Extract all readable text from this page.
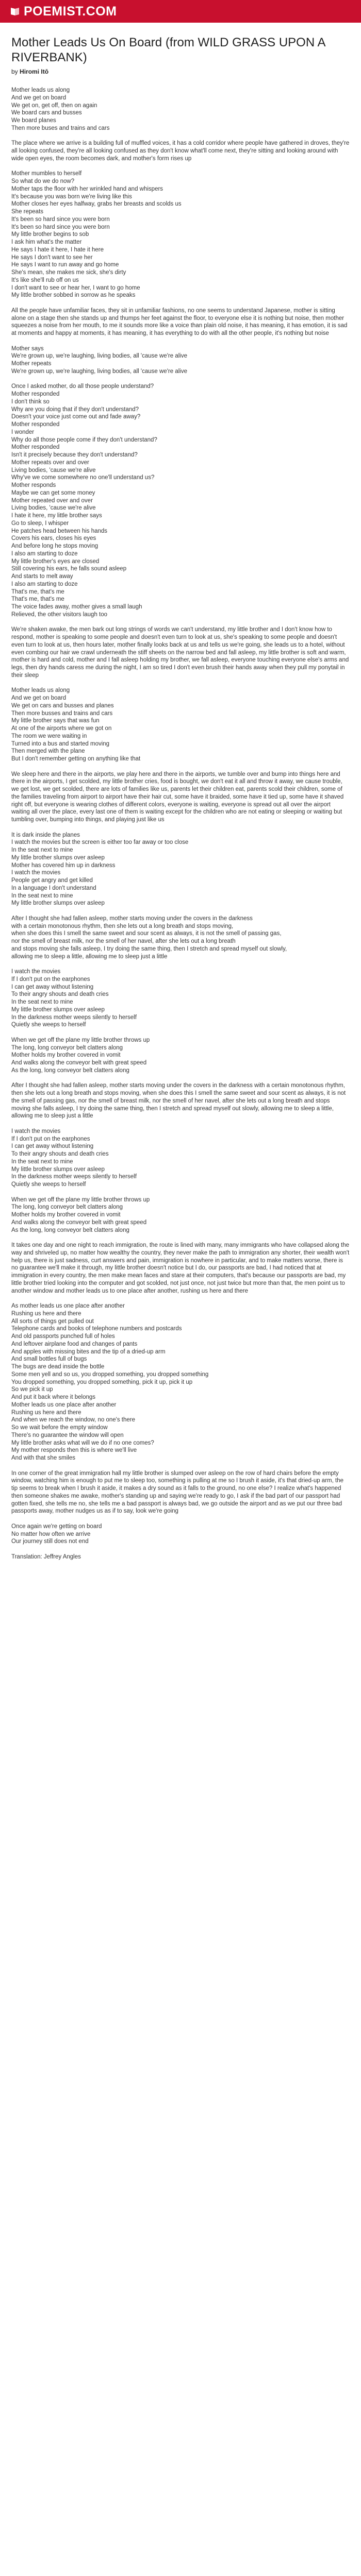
POEMIST.COM
Mother Leads Us On Board (from WILD GRASS UPON A RIVERBANK)
by Hiromi Itō

Mother leads us along
And we get on board
We get on, get off, then on again
We board cars and busses
We board planes
Then more buses and trains and cars

The place where we arrive is a building full of muffled voices, it has a cold corridor where people have gathered in droves, they're all looking confused, they're all looking confused as they don't know what'll come next, they're sitting and looking around with wide open eyes, the room becomes dark, and mother's form rises up

Mother mumbles to herself
So what do we do now?
Mother taps the floor with her wrinkled hand and whispers
It's because you was born we're living like this
Mother closes her eyes halfway, grabs her breasts and scolds us
She repeats
It's been so hard since you were born
It's been so hard since you were born
My little brother begins to sob
I ask him what's the matter
He says I hate it here, I hate it here
He says I don't want to see her
He says I want to run away and go home
She's mean, she makes me sick, she's dirty
It's like she'll rub off on us
I don't want to see or hear her, I want to go home
My little brother sobbed in sorrow as he speaks

All the people have unfamiliar faces, they sit in unfamiliar fashions, no one seems to understand Japanese, mother is sitting alone on a stage then she stands up and thumps her feet against the floor, to everyone else it is nothing but noise, then mother squeezes a noise from her mouth, to me it sounds more like a voice than plain old noise, it has meaning, it has emotion, it is sad at moments and happy at moments, it has meaning, it has everything to do with all the other people, it's nothing but noise

Mother says
We're grown up, we're laughing, living bodies, all 'cause we're alive
Mother repeats
We're grown up, we're laughing, living bodies, all 'cause we're alive

Once I asked mother, do all those people understand?
Mother responded
I don't think so
Why are you doing that if they don't understand?
Doesn't your voice just come out and fade away?
Mother responded
I wonder
Why do all those people come if they don't understand?
Mother responded
Isn't it precisely because they don't understand?
Mother repeats over and over
Living bodies, 'cause we're alive
Why've we come somewhere no one'll understand us?
Mother responds
Maybe we can get some money
Mother repeated over and over
Living bodies, 'cause we're alive
I hate it here, my little brother says
Go to sleep, I whisper
He patches head between his hands
Covers his ears, closes his eyes
And before long he stops moving
I also am starting to doze
My little brother's eyes are closed
Still covering his ears, he falls sound asleep
And starts to melt away
I also am starting to doze
That's me, that's me
That's me, that's me
The voice fades away, mother gives a small laugh
Relieved, the other visitors laugh too

We're shaken awake, the men bark out long strings of words we can't understand, my little brother and I don't know how to respond, mother is speaking to some people and doesn't even turn to look at us, she's speaking to some people and doesn't even turn to look at us, then hours later, mother finally looks back at us and tells us we're going, she leads us to a hotel, without even combing our hair we crawl underneath the stiff sheets on the narrow bed and fall asleep, my little brother is soft and warm, mother is hard and cold, mother and I fall asleep holding my brother, we fall asleep, everyone touching everyone else's arms and legs, then dry hands caress me during the night, I am so tired I don't even brush their hands away when they pull my ponytail in their sleep

Mother leads us along
And we get on board
We get on cars and busses and planes
Then more busses and trains and cars
My little brother says that was fun
At one of the airports where we got on
The room we were waiting in
Turned into a bus and started moving
Then merged with the plane
But I don't remember getting on anything like that

We sleep here and there in the airports, we play here and there in the airports, we tumble over and bump into things here and there in the airports, I get scolded, my little brother cries, food is bought, we don't eat it all and throw it away, we cause trouble, we get lost, we get scolded, there are lots of families like us, parents let their children eat, parents scold their children, some of the families traveling from airport to airport have their hair cut, some have it braided, some have it tied up, some have it shaved right off, but everyone is wearing clothes of different colors, everyone is waiting, everyone is spread out all over the airport waiting all over the place, every last one of them is waiting except for the children who are not eating or sleeping or waiting but tumbling over, bumping into things, and playing just like us

It is dark inside the planes
I watch the movies but the screen is either too far away or too close
In the seat next to mine
My little brother slumps over asleep
Mother has covered him up in darkness
I watch the movies
People get angry and get killed
In a language I don't understand
In the seat next to mine
My little brother slumps over asleep

After I thought she had fallen asleep, mother starts moving under the covers in the darkness
with a certain monotonous rhythm, then she lets out a long breath and stops moving,
when she does this I smell the same sweet and sour scent as always, it is not the smell of passing gas,
nor the smell of breast milk, nor the smell of her navel, after she lets out a long breath
and stops moving she falls asleep, I try doing the same thing, then I stretch and spread myself out slowly,
allowing me to sleep a little, allowing me to sleep just a little

I watch the movies
If I don't put on the earphones
I can get away without listening
To their angry shouts and death cries
In the seat next to mine
My little brother slumps over asleep
In the darkness mother weeps silently to herself
Quietly she weeps to herself

When we get off the plane my little brother throws up
The long, long conveyor belt clatters along
Mother holds my brother covered in vomit
And walks along the conveyor belt with great speed
As the long, long conveyor belt clatters along

After I thought she had fallen asleep, mother starts moving under the covers in the darkness with a certain monotonous rhythm, then she lets out a long breath and stops moving, when she does this I smell the same sweet and sour scent as always, it is not the smell of passing gas, nor the smell of breast milk, nor the smell of her navel, after she lets out a long breath and stops moving she falls asleep, I try doing the same thing, then I stretch and spread myself out slowly, allowing me to sleep a little, allowing me to sleep just a little

I watch the movies
If I don't put on the earphones
I can get away without listening
To their angry shouts and death cries
In the seat next to mine
My little brother slumps over asleep
In the darkness mother weeps silently to herself
Quietly she weeps to herself

When we get off the plane my little brother throws up
The long, long conveyor belt clatters along
Mother holds my brother covered in vomit
And walks along the conveyor belt with great speed
As the long, long conveyor belt clatters along

It takes one day and one night to reach immigration, the route is lined with many, many immigrants who have collapsed along the way and shriveled up, no matter how wealthy the country, they never make the path to immigration any shorter, their wealth won't help us, there is just sadness, curt answers and pain, immigration is nowhere in particular, and to make matters worse, there is no guarantee we'll make it through, my little brother doesn't notice but I do, our passports are bad, I had noticed that at immigration in every country, the men make mean faces and stare at their computers, that's because our passports are bad, my little brother tried looking into the computer and got scolded, not just once, not just twice but more than that, the men point us to another window and mother leads us to one place after another, rushing us here and there

As mother leads us one place after another
Rushing us here and there
All sorts of things get pulled out
Telephone cards and books of telephone numbers and postcards
And old passports punched full of holes
And leftover airplane food and changes of pants
And apples with missing bites and the tip of a dried-up arm
And small bottles full of bugs
The bugs are dead inside the bottle
Some men yell and so us, you dropped something, you dropped something
You dropped something, you dropped something, pick it up, pick it up
So we pick it up
And put it back where it belongs
Mother leads us one place after another
Rushing us here and there
And when we reach the window, no one's there
So we wait before the empty window
There's no guarantee the window will open
My little brother asks what will we do if no one comes?
My mother responds then this is where we'll live
And with that she smiles

In one corner of the great immigration hall my little brother is slumped over asleep on the row of hard chairs before the empty window, watching him is enough to put me to sleep too, something is pulling at me so I brush it aside, it's that dried-up arm, the tip seems to break when I brush it aside, it makes a dry sound as it falls to the ground, no one else? I realize what's happened then someone shakes me awake, mother's standing up and saying we're ready to go, I ask if the bad part of our passport had gotten fixed, she tells me no, she tells me a bad passport is always bad, we go outside the airport and as we put our three bad passports away, mother nudges us as if to say, look we're going

Once again we're getting on board
No matter how often we arrive
Our journey still does not end

Translation: Jeffrey Angles
